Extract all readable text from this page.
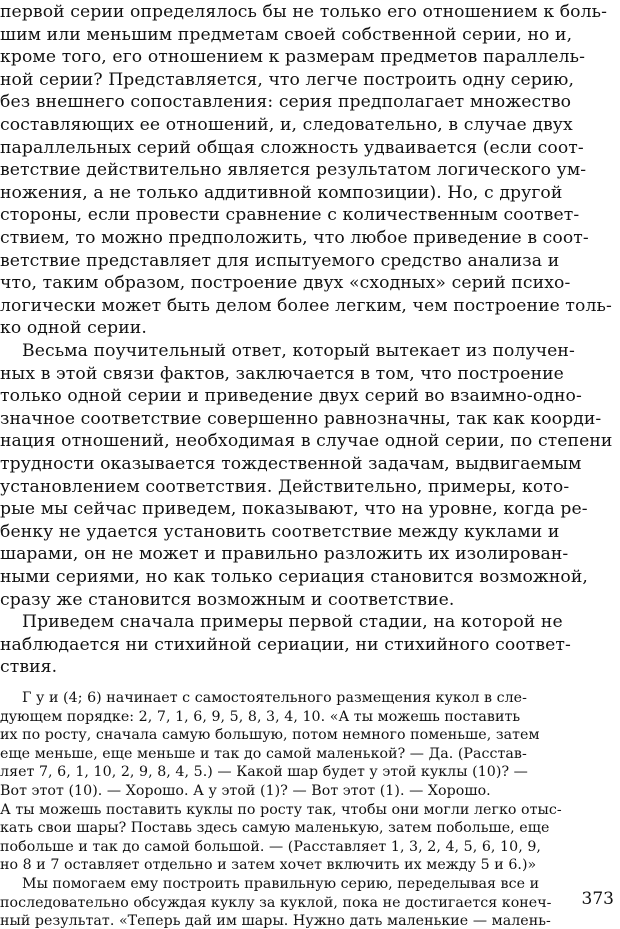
первой серии определялось бы не только его отношением к боль-
шим или меньшим предметам своей собственной серии, но и,
кроме того, его отношением к размерам предметов параллель-
ной серии? Представляется, что легче построить одну серию,
без внешнего сопоставления: серия предполагает множество
составляющих ее отношений, и, следовательно, в случае двух
параллельных серий общая сложность удваивается (если соот-
ветствие действительно является результатом логического ум-
ножения, а не только аддитивной композиции). Но, с другой
стороны, если провести сравнение с количественным соответ-
ствием, то можно предположить, что любое приведение в соот-
ветствие представляет для испытуемого средство анализа и
что, таким образом, построение двух «сходных» серий психо-
логически может быть делом более легким, чем построение толь-
ко одной серии.
Весьма поучительный ответ, который вытекает из получен-
ных в этой связи фактов, заключается в том, что построение
только одной серии и приведение двух серий во взаимно-одно-
значное соответствие совершенно равнозначны, так как коорди-
нация отношений, необходимая в случае одной серии, по степени
трудности оказывается тождественной задачам, выдвигаемым
установлением соответствия. Действительно, примеры, кото-
рые мы сейчас приведем, показывают, что на уровне, когда ре-
бенку не удается установить соответствие между куклами и
шарами, он не может и правильно разложить их изолирован-
ными сериями, но как только сериация становится возможной,
сразу же становится возможным и соответствие.
Приведем сначала примеры первой стадии, на которой не
наблюдается ни стихийной сериации, ни стихийного соответ-
ствия.
Г у и (4; 6) начинает с самостоятельного размещения кукол в сле-
дующем порядке: 2, 7, 1, 6, 9, 5, 8, 3, 4, 10. «А ты можешь поставить
их по росту, сначала самую большую, потом немного поменьше, затем
еще меньше, еще меньше и так до самой маленькой? — Да. (Расстав-
ляет 7, 6, 1, 10, 2, 9, 8, 4, 5.) — Какой шар будет у этой куклы (10)? —
Вот этот (10). — Хорошо. А у этой (1)? — Вот этот (1). — Хорошо.
А ты можешь поставить куклы по росту так, чтобы они могли легко отыс-
кать свои шары? Поставь здесь самую маленькую, затем побольше, еще
побольше и так до самой большой. — (Расставляет 1, 3, 2, 4, 5, 6, 10, 9,
но 8 и 7 оставляет отдельно и затем хочет включить их между 5 и 6.)»
Мы помогаем ему построить правильную серию, переделывая все и
последовательно обсуждая куклу за куклой, пока не достигается конеч-
ный результат. «Теперь дай им шары. Нужно дать маленькие — малень-
373
